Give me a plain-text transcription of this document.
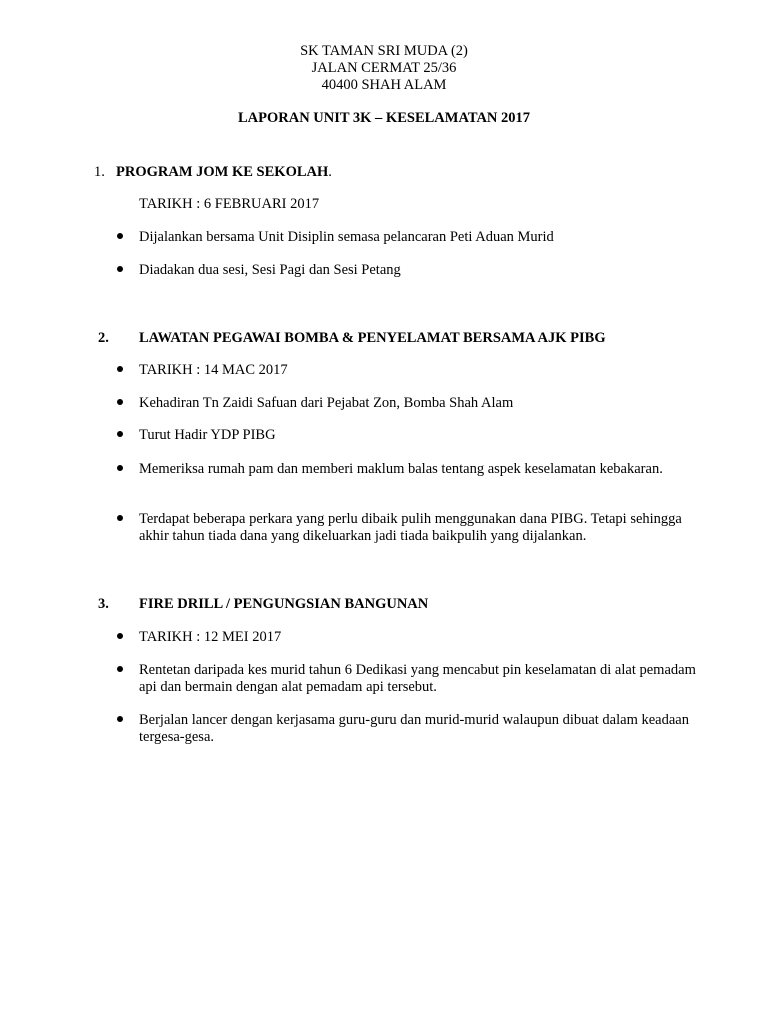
SK TAMAN SRI MUDA (2)
JALAN CERMAT 25/36
40400 SHAH ALAM
LAPORAN UNIT 3K – KESELAMATAN 2017
1. PROGRAM JOM KE SEKOLAH.
TARIKH : 6 FEBRUARI 2017
Dijalankan bersama Unit Disiplin semasa pelancaran Peti Aduan Murid
Diadakan dua sesi, Sesi Pagi dan Sesi Petang
2. LAWATAN PEGAWAI BOMBA & PENYELAMAT BERSAMA AJK PIBG
TARIKH : 14 MAC 2017
Kehadiran Tn Zaidi Safuan dari Pejabat Zon, Bomba Shah Alam
Turut Hadir YDP PIBG
Memeriksa rumah pam dan memberi maklum balas tentang aspek keselamatan kebakaran.
Terdapat beberapa perkara yang perlu dibaik pulih menggunakan dana PIBG. Tetapi sehingga akhir tahun tiada dana yang dikeluarkan jadi tiada baikpulih yang dijalankan.
3. FIRE DRILL / PENGUNGSIAN BANGUNAN
TARIKH : 12 MEI 2017
Rentetan daripada kes murid tahun 6 Dedikasi yang mencabut pin keselamatan di alat pemadam api dan bermain dengan alat pemadam api tersebut.
Berjalan lancer dengan kerjasama guru-guru dan murid-murid walaupun dibuat dalam keadaan tergesa-gesa.
